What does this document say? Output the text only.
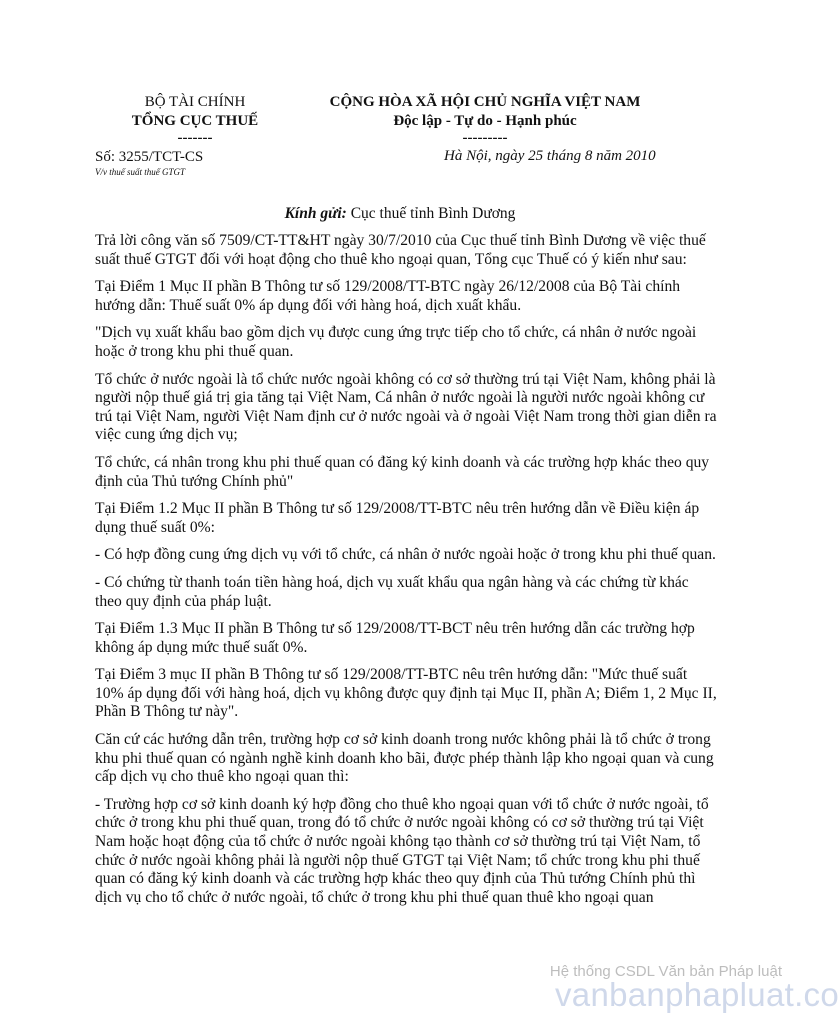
BỘ TÀI CHÍNH
TỔNG CỤC THUẾ
-------
CỘNG HÒA XÃ HỘI CHỦ NGHĨA VIỆT NAM
Độc lập - Tự do - Hạnh phúc
---------
Số: 3255/TCT-CS
V/v thuế suất thuế GTGT
Hà Nội, ngày 25 tháng 8 năm 2010
Kính gửi: Cục thuế tỉnh Bình Dương

Trả lời công văn số 7509/CT-TT&HT ngày 30/7/2010 của Cục thuế tỉnh Bình Dương về việc thuế suất thuế GTGT đối với hoạt động cho thuê kho ngoại quan, Tổng cục Thuế có ý kiến như sau:

Tại Điểm 1 Mục II phần B Thông tư số 129/2008/TT-BTC ngày 26/12/2008 của Bộ Tài chính hướng dẫn: Thuế suất 0% áp dụng đối với hàng hoá, dịch xuất khẩu.

"Dịch vụ xuất khẩu bao gồm dịch vụ được cung ứng trực tiếp cho tổ chức, cá nhân ở nước ngoài hoặc ở trong khu phi thuế quan.

Tổ chức ở nước ngoài là tổ chức nước ngoài không có cơ sở thường trú tại Việt Nam, không phải là người nộp thuế giá trị gia tăng tại Việt Nam, Cá nhân ở nước ngoài là người nước ngoài không cư trú tại Việt Nam, người Việt Nam định cư ở nước ngoài và ở ngoài Việt Nam trong thời gian diễn ra việc cung ứng dịch vụ;

Tổ chức, cá nhân trong khu phi thuế quan có đăng ký kinh doanh và các trường hợp khác theo quy định của Thủ tướng Chính phủ"

Tại Điểm 1.2 Mục II phần B Thông tư số 129/2008/TT-BTC nêu trên hướng dẫn về Điều kiện áp dụng thuế suất 0%:

- Có hợp đồng cung ứng dịch vụ với tổ chức, cá nhân ở nước ngoài hoặc ở trong khu phi thuế quan.

- Có chứng từ thanh toán tiền hàng hoá, dịch vụ xuất khẩu qua ngân hàng và các chứng từ khác theo quy định của pháp luật.

Tại Điểm 1.3 Mục II phần B Thông tư số 129/2008/TT-BCT nêu trên hướng dẫn các trường hợp không áp dụng mức thuế suất 0%.

Tại Điểm 3 mục II phần B Thông tư số 129/2008/TT-BTC nêu trên hướng dẫn: "Mức thuế suất 10% áp dụng đối với hàng hoá, dịch vụ không được quy định tại Mục II, phần A; Điểm 1, 2 Mục II, Phần B Thông tư này".

Căn cứ các hướng dẫn trên, trường hợp cơ sở kinh doanh trong nước không phải là tổ chức ở trong khu phi thuế quan có ngành nghề kinh doanh kho bãi, được phép thành lập kho ngoại quan và cung cấp dịch vụ cho thuê kho ngoại quan thì:

- Trường hợp cơ sở kinh doanh ký hợp đồng cho thuê kho ngoại quan với tổ chức ở nước ngoài, tổ chức ở trong khu phi thuế quan, trong đó tổ chức ở nước ngoài không có cơ sở thường trú tại Việt Nam hoặc hoạt động của tổ chức ở nước ngoài không tạo thành cơ sở thường trú tại Việt Nam, tổ chức ở nước ngoài không phải là người nộp thuế GTGT tại Việt Nam; tổ chức trong khu phi thuế quan có đăng ký kinh doanh và các trường hợp khác theo quy định của Thủ tướng Chính phủ thì dịch vụ cho tổ chức ở nước ngoài, tổ chức ở trong khu phi thuế quan thuê kho ngoại quan

Hệ thống CSDL Văn bản Pháp luật
vanbanphapluat.co
